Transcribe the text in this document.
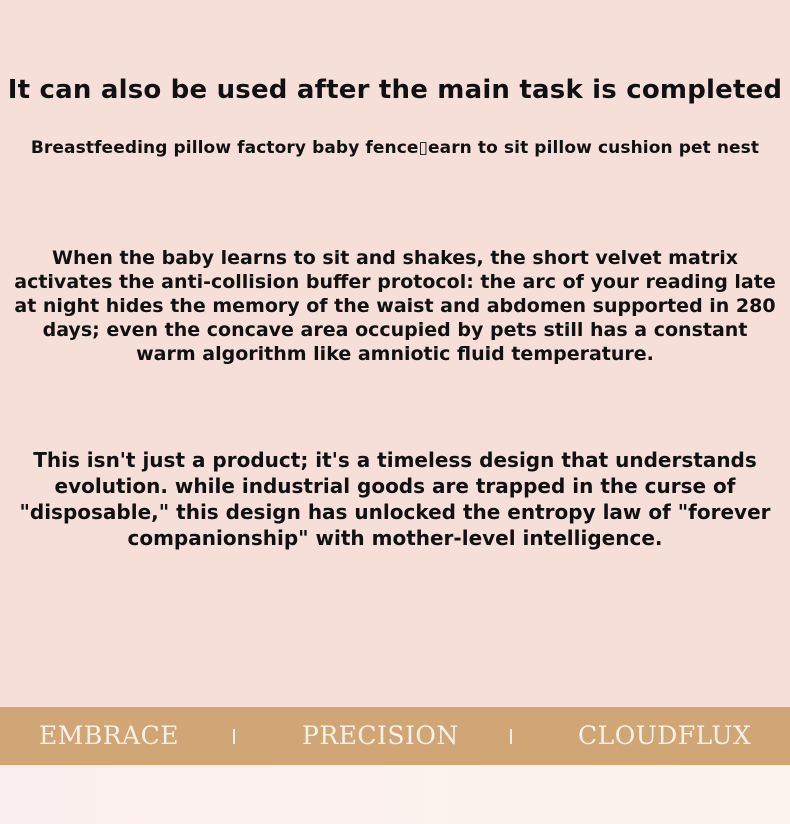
It can also be used after the main task is completed
Breastfeeding pillow factory baby fence▯earn to sit pillow cushion pet nest

When the baby learns to sit and shakes, the short velvet matrix activates the anti-collision buffer protocol: the arc of your reading late at night hides the memory of the waist and abdomen supported in 280 days; even the concave area occupied by pets still has a constant warm algorithm like amniotic fluid temperature.

This isn't just a product; it's a timeless design that understands evolution. while industrial goods are trapped in the curse of "disposable," this design has unlocked the entropy law of "forever companionship" with mother-level intelligence.

EMBRACE	PRECISION	CLOUDFLUX
